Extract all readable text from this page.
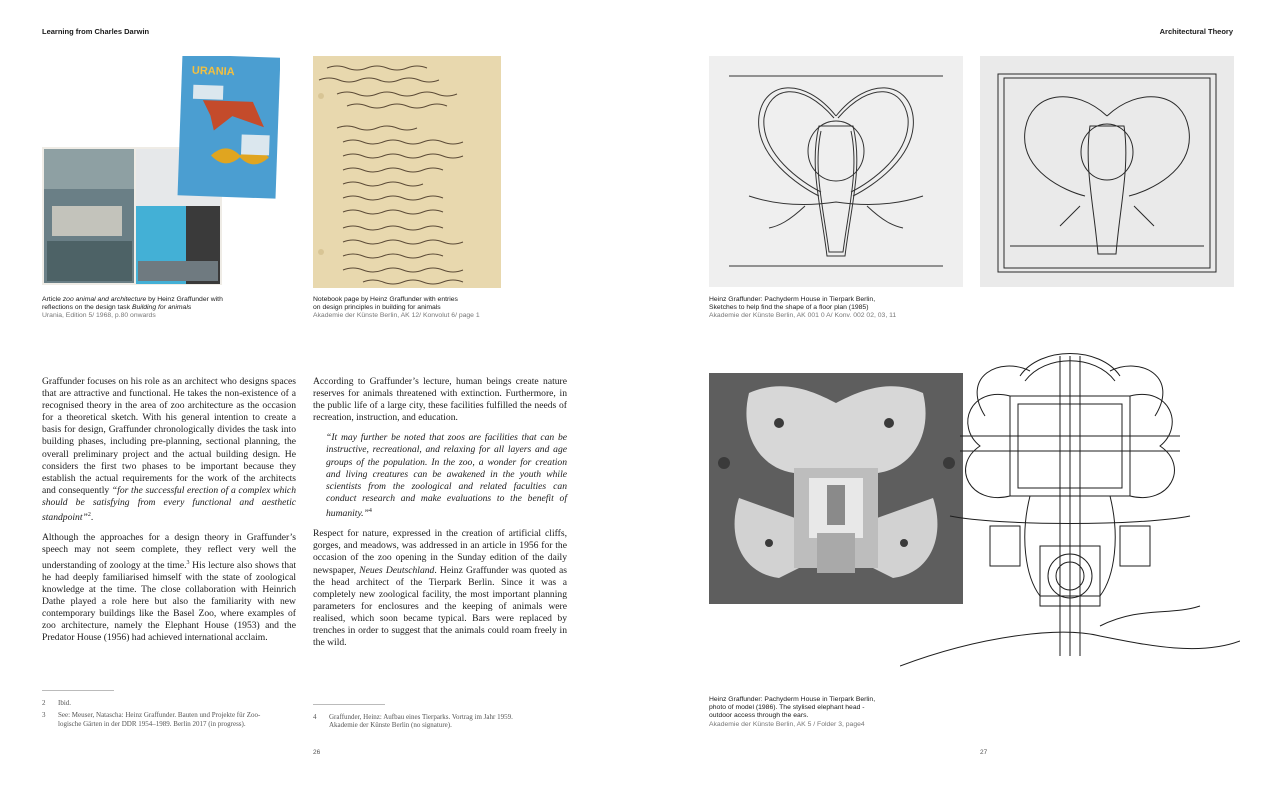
Learning from Charles Darwin	Architectural Theory
URANIA
Article zoo animal and architecture by Heinz Graffunder with
reflections on the design task Building for animals
Urania, Edition 5/ 1968, p.80 onwards
Notebook page by Heinz Graffunder with entries
on design principles in building for animals
Akademie der Künste Berlin, AK 12/ Konvolut 6/ page 1
Heinz Graffunder: Pachyderm House in Tierpark Berlin,
Sketches to help find the shape of a floor plan (1985)
Akademie der Künste Berlin, AK 001 0 A/ Konv. 002 02, 03, 11
Heinz Graffunder: Pachyderm House in Tierpark Berlin,
photo of model (1986). The stylised elephant head -
outdoor access through the ears.
Akademie der Künste Berlin, AK 5 / Folder 3, page4

Graffunder focuses on his role as an architect who designs spaces that are attractive and functional. He takes the non-existence of a recognised theory in the area of zoo architecture as the occasion for a theoretical sketch. With his general intention to create a basis for design, Graffunder chronologically divides the task into building phases, including pre-planning, sectional planning, the overall preliminary project and the actual building design. He considers the first two phases to be important because they establish the actual requirements for the work of the architects and consequently “for the successful erection of a complex which should be satisfying from every functional and aesthetic standpoint”$^2$.

Although the approaches for a design theory in Graffunder’s speech may not seem complete, they reflect very well the understanding of zoology at the time.$^3$ His lecture also shows that he had deeply familiarised himself with the state of zoological knowledge at the time. The close collaboration with Heinrich Dathe played a role here but also the familiarity with new contemporary buildings like the Basel Zoo, where examples of zoo architecture, namely the Elephant House (1953) and the Predator House (1956) had achieved international acclaim.

According to Graffunder’s lecture, human beings create nature reserves for animals threatened with extinction. Furthermore, in the public life of a large city, these facilities fulfilled the needs of recreation, instruction, and education.

“It may further be noted that zoos are facilities that can be instructive, recreational, and relaxing for all layers and age groups of the population. In the zoo, a wonder for creation and living creatures can be awakened in the youth while scientists from the zoological and related faculties can conduct research and make evaluations to the benefit of humanity.”$^4$

Respect for nature, expressed in the creation of artificial cliffs, gorges, and meadows, was addressed in an article in 1956 for the occasion of the zoo opening in the Sunday edition of the daily newspaper, Neues Deutschland. Heinz Graffunder was quoted as the head architect of the Tierpark Berlin. Since it was a completely new zoological facility, the most important planning parameters for enclosures and the keeping of animals were realised, which soon became typical. Bars were replaced by trenches in order to suggest that the animals could roam freely in the wild.

2	Ibid.
3	See: Meuser, Natascha: Heinz Graffunder. Bauten und Projekte für Zoo-
logische Gärten in der DDR 1954–1989. Berlin 2017 (in progress).
4	Graffunder, Heinz: Aufbau eines Tierparks. Vortrag im Jahr 1959.
Akademie der Künste Berlin (no signature).
26	27
